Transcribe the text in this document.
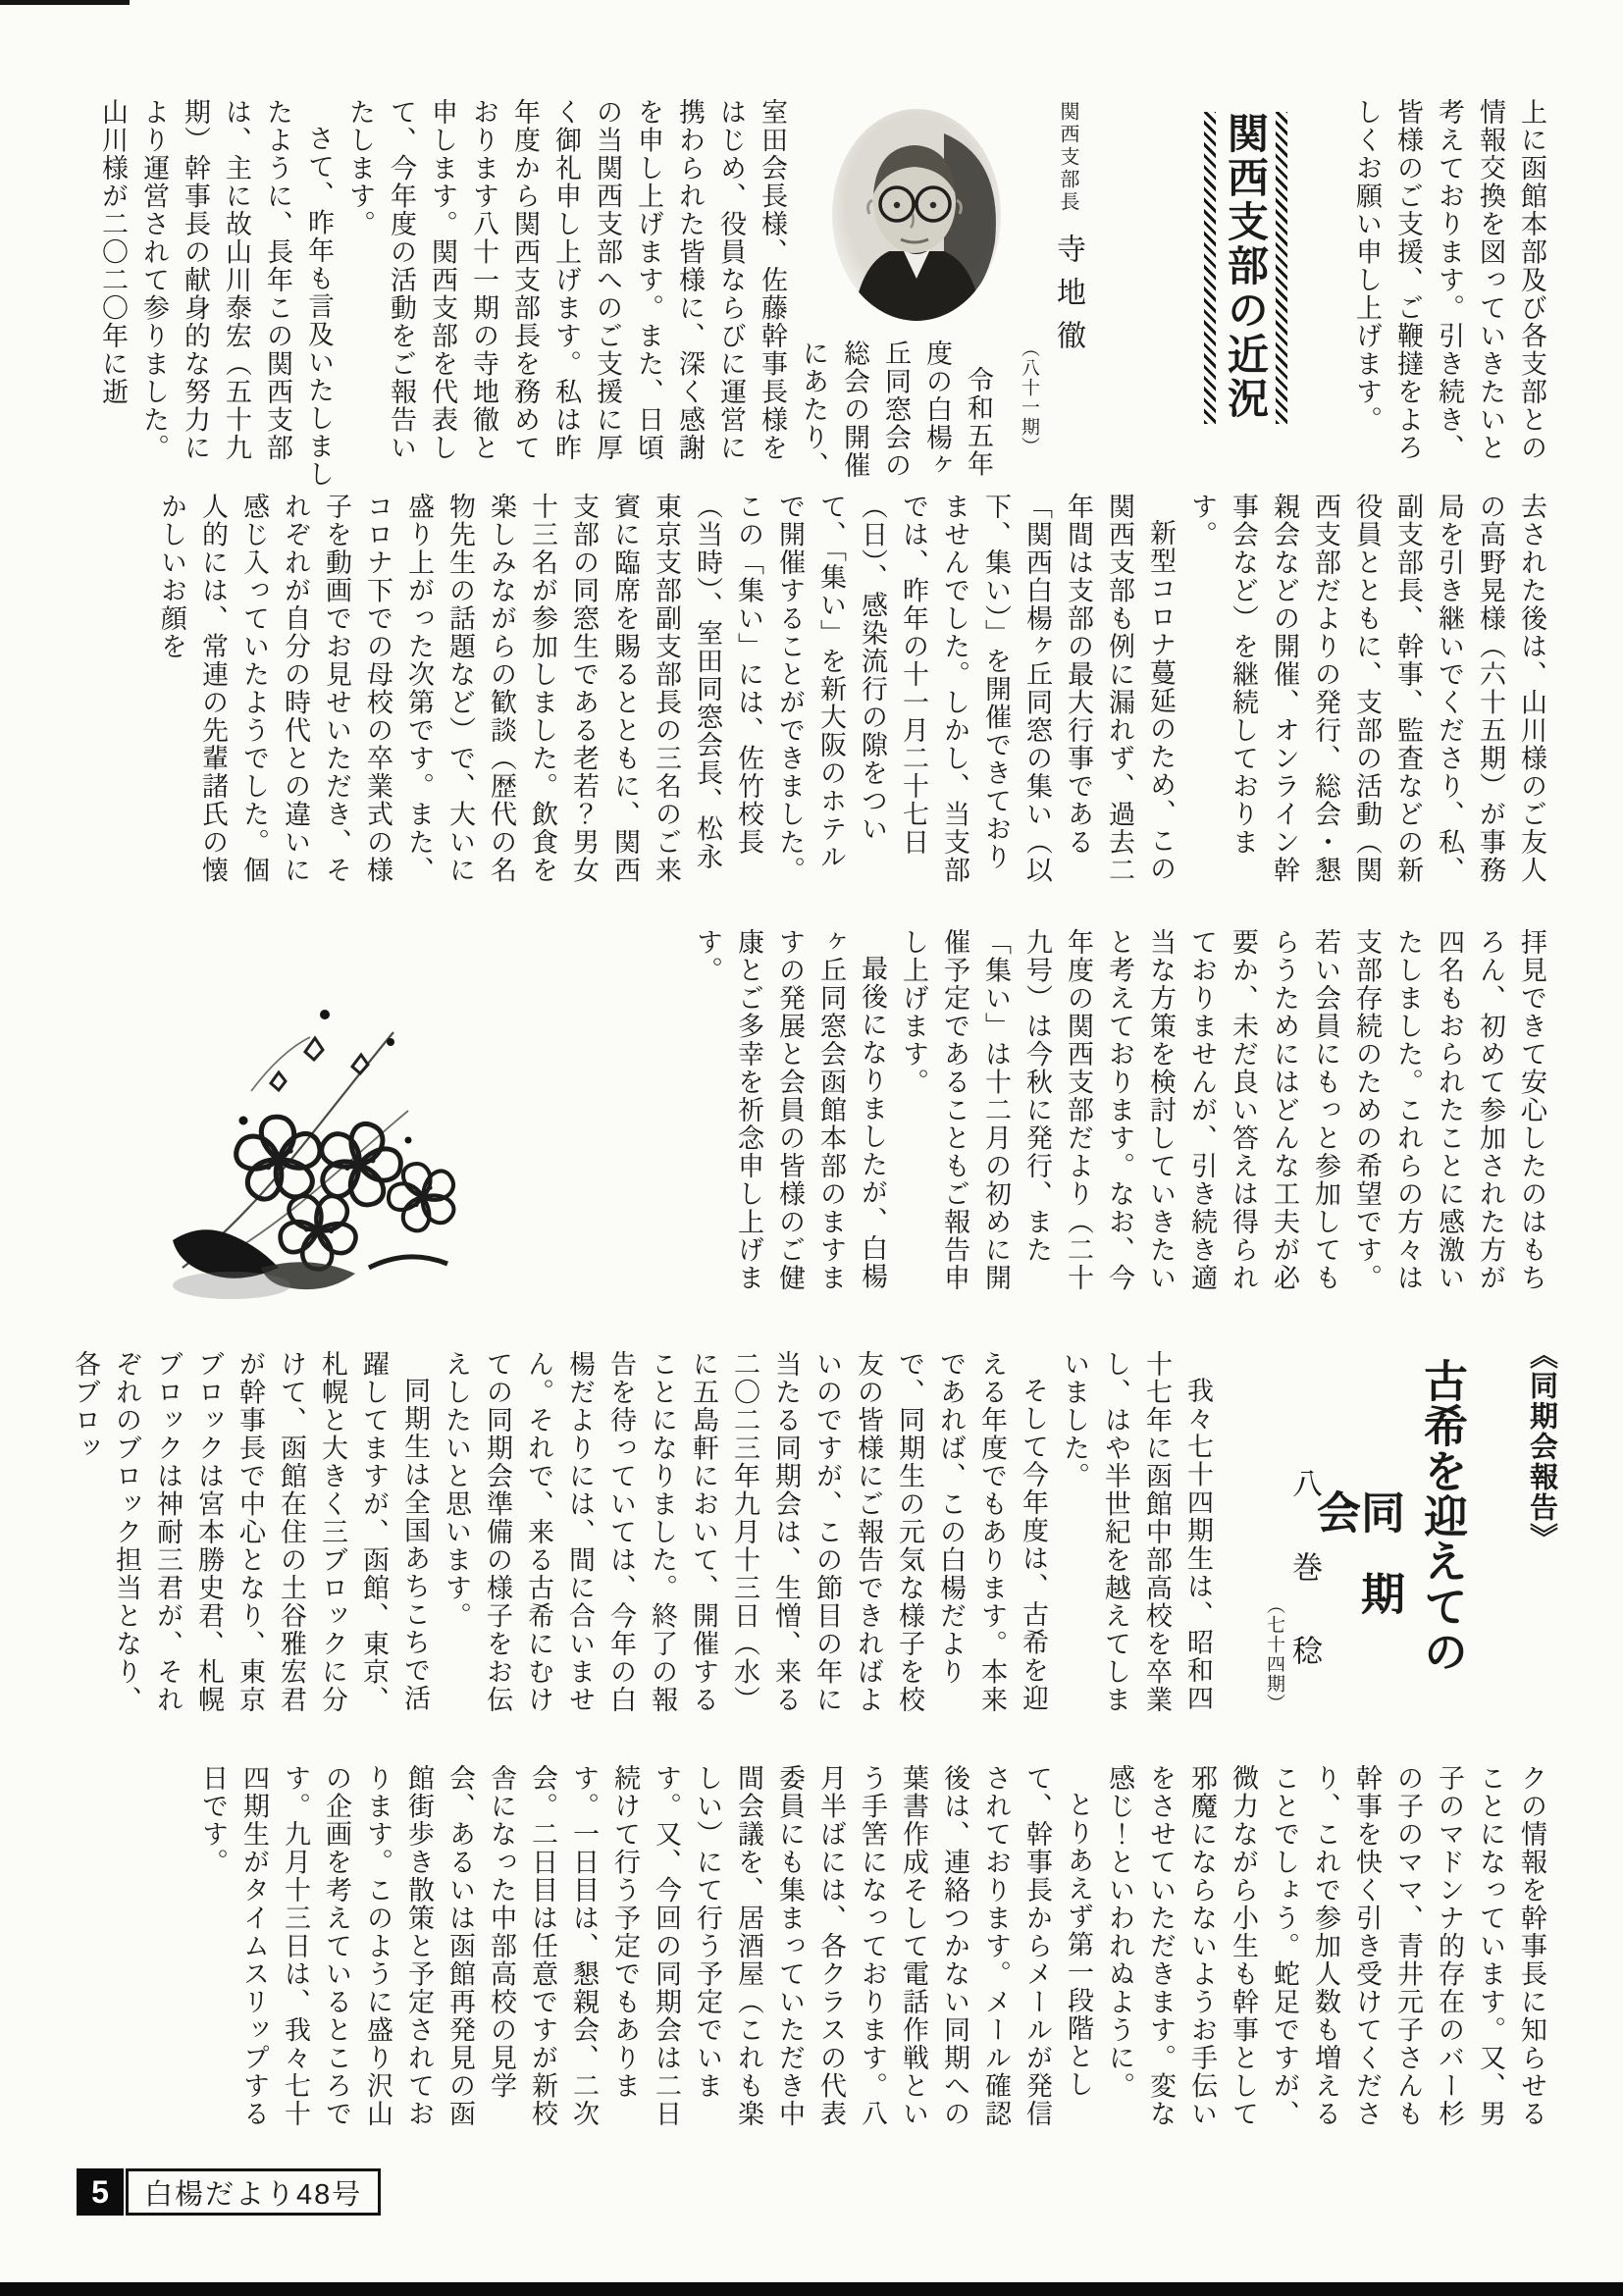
上に函館本部及び各支部との情報交換を図っていきたいと考えております。引き続き、皆様のご支援、ご鞭撻をよろしくお願い申し上げます。

関西支部の近況

関西支部長寺地徹

（八十一期）

令和五年度の白楊ヶ丘同窓会の総会の開催にあたり、

室田会長様、佐藤幹事長様をはじめ、役員ならびに運営に携わられた皆様に、深く感謝を申し上げます。また、日頃の当関西支部へのご支援に厚く御礼申し上げます。私は昨年度から関西支部長を務めております八十一期の寺地徹と申します。関西支部を代表して、今年度の活動をご報告いたします。

さて、昨年も言及いたしましたように、長年この関西支部は、主に故山川泰宏（五十九期）幹事長の献身的な努力により運営されて参りました。山川様が二〇二〇年に逝

去された後は、山川様のご友人の高野晃様（六十五期）が事務局を引き継いでくださり、私、副支部長、幹事、監査などの新役員とともに、支部の活動（関西支部だよりの発行、総会・懇親会などの開催、オンライン幹事会など）を継続しております。

新型コロナ蔓延のため、この関西支部も例に漏れず、過去二年間は支部の最大行事である「関西白楊ヶ丘同窓の集い（以下、集い）」を開催できておりませんでした。しかし、当支部では、昨年の十一月二十七日（日）、感染流行の隙をついて、「集い」を新大阪のホテルで開催することができました。この「集い」には、佐竹校長（当時）、室田同窓会長、松永東京支部副支部長の三名のご来賓に臨席を賜るとともに、関西支部の同窓生である老若？男女十三名が参加しました。飲食を楽しみながらの歓談（歴代の名物先生の話題など）で、大いに盛り上がった次第です。また、コロナ下での母校の卒業式の様子を動画でお見せいただき、それぞれが自分の時代との違いに感じ入っていたようでした。個人的には、常連の先輩諸氏の懐かしいお顔を

拝見できて安心したのはもちろん、初めて参加された方が四名もおられたことに感激いたしました。これらの方々は支部存続のための希望です。若い会員にもっと参加してもらうためにはどんな工夫が必要か、未だ良い答えは得られておりませんが、引き続き適当な方策を検討していきたいと考えております。なお、今年度の関西支部だより（二十九号）は今秋に発行、また「集い」は十二月の初めに開催予定であることもご報告申し上げます。

最後になりましたが、白楊ヶ丘同窓会函館本部のますますの発展と会員の皆様のご健康とご多幸を祈念申し上げます。

《同期会報告》
古希を迎えての
同期会
八巻稔
（七十四期）

我々七十四期生は、昭和四十七年に函館中部高校を卒業し、はや半世紀を越えてしまいました。

そして今年度は、古希を迎える年度でもあります。本来であれば、この白楊だよりで、同期生の元気な様子を校友の皆様にご報告できればよいのですが、この節目の年に当たる同期会は、生憎、来る二〇二三年九月十三日（水）に五島軒において、開催することになりました。終了の報告を待っていては、今年の白楊だよりには、間に合いません。それで、来る古希にむけての同期会準備の様子をお伝えしたいと思います。

同期生は全国あちこちで活躍してますが、函館、東京、札幌と大きく三ブロックに分けて、函館在住の土谷雅宏君が幹事長で中心となり、東京ブロックは宮本勝史君、札幌ブロックは神耐三君が、それぞれのブロック担当となり、各ブロッ

クの情報を幹事長に知らせることになっています。又、男子のマドンナ的存在のバー杉の子のママ、青井元子さんも幹事を快く引き受けてくださり、これで参加人数も増えることでしょう。蛇足ですが、微力ながら小生も幹事として邪魔にならないようお手伝いをさせていただきます。変な感じ！といわれぬように。

とりあえず第一段階として、幹事長からメールが発信されております。メール確認後は、連絡つかない同期への葉書作成そして電話作戦という手筈になっております。八月半ばには、各クラスの代表委員にも集まっていただき中間会議を、居酒屋（これも楽しい）にて行う予定でいます。又、今回の同期会は二日続けて行う予定でもあります。一日目は、懇親会、二次会。二日目は任意ですが新校舎になった中部高校の見学会、あるいは函館再発見の函館街歩き散策と予定されております。このように盛り沢山の企画を考えているところです。九月十三日は、我々七十四期生がタイムスリップする日です。

5	白楊だより48号
